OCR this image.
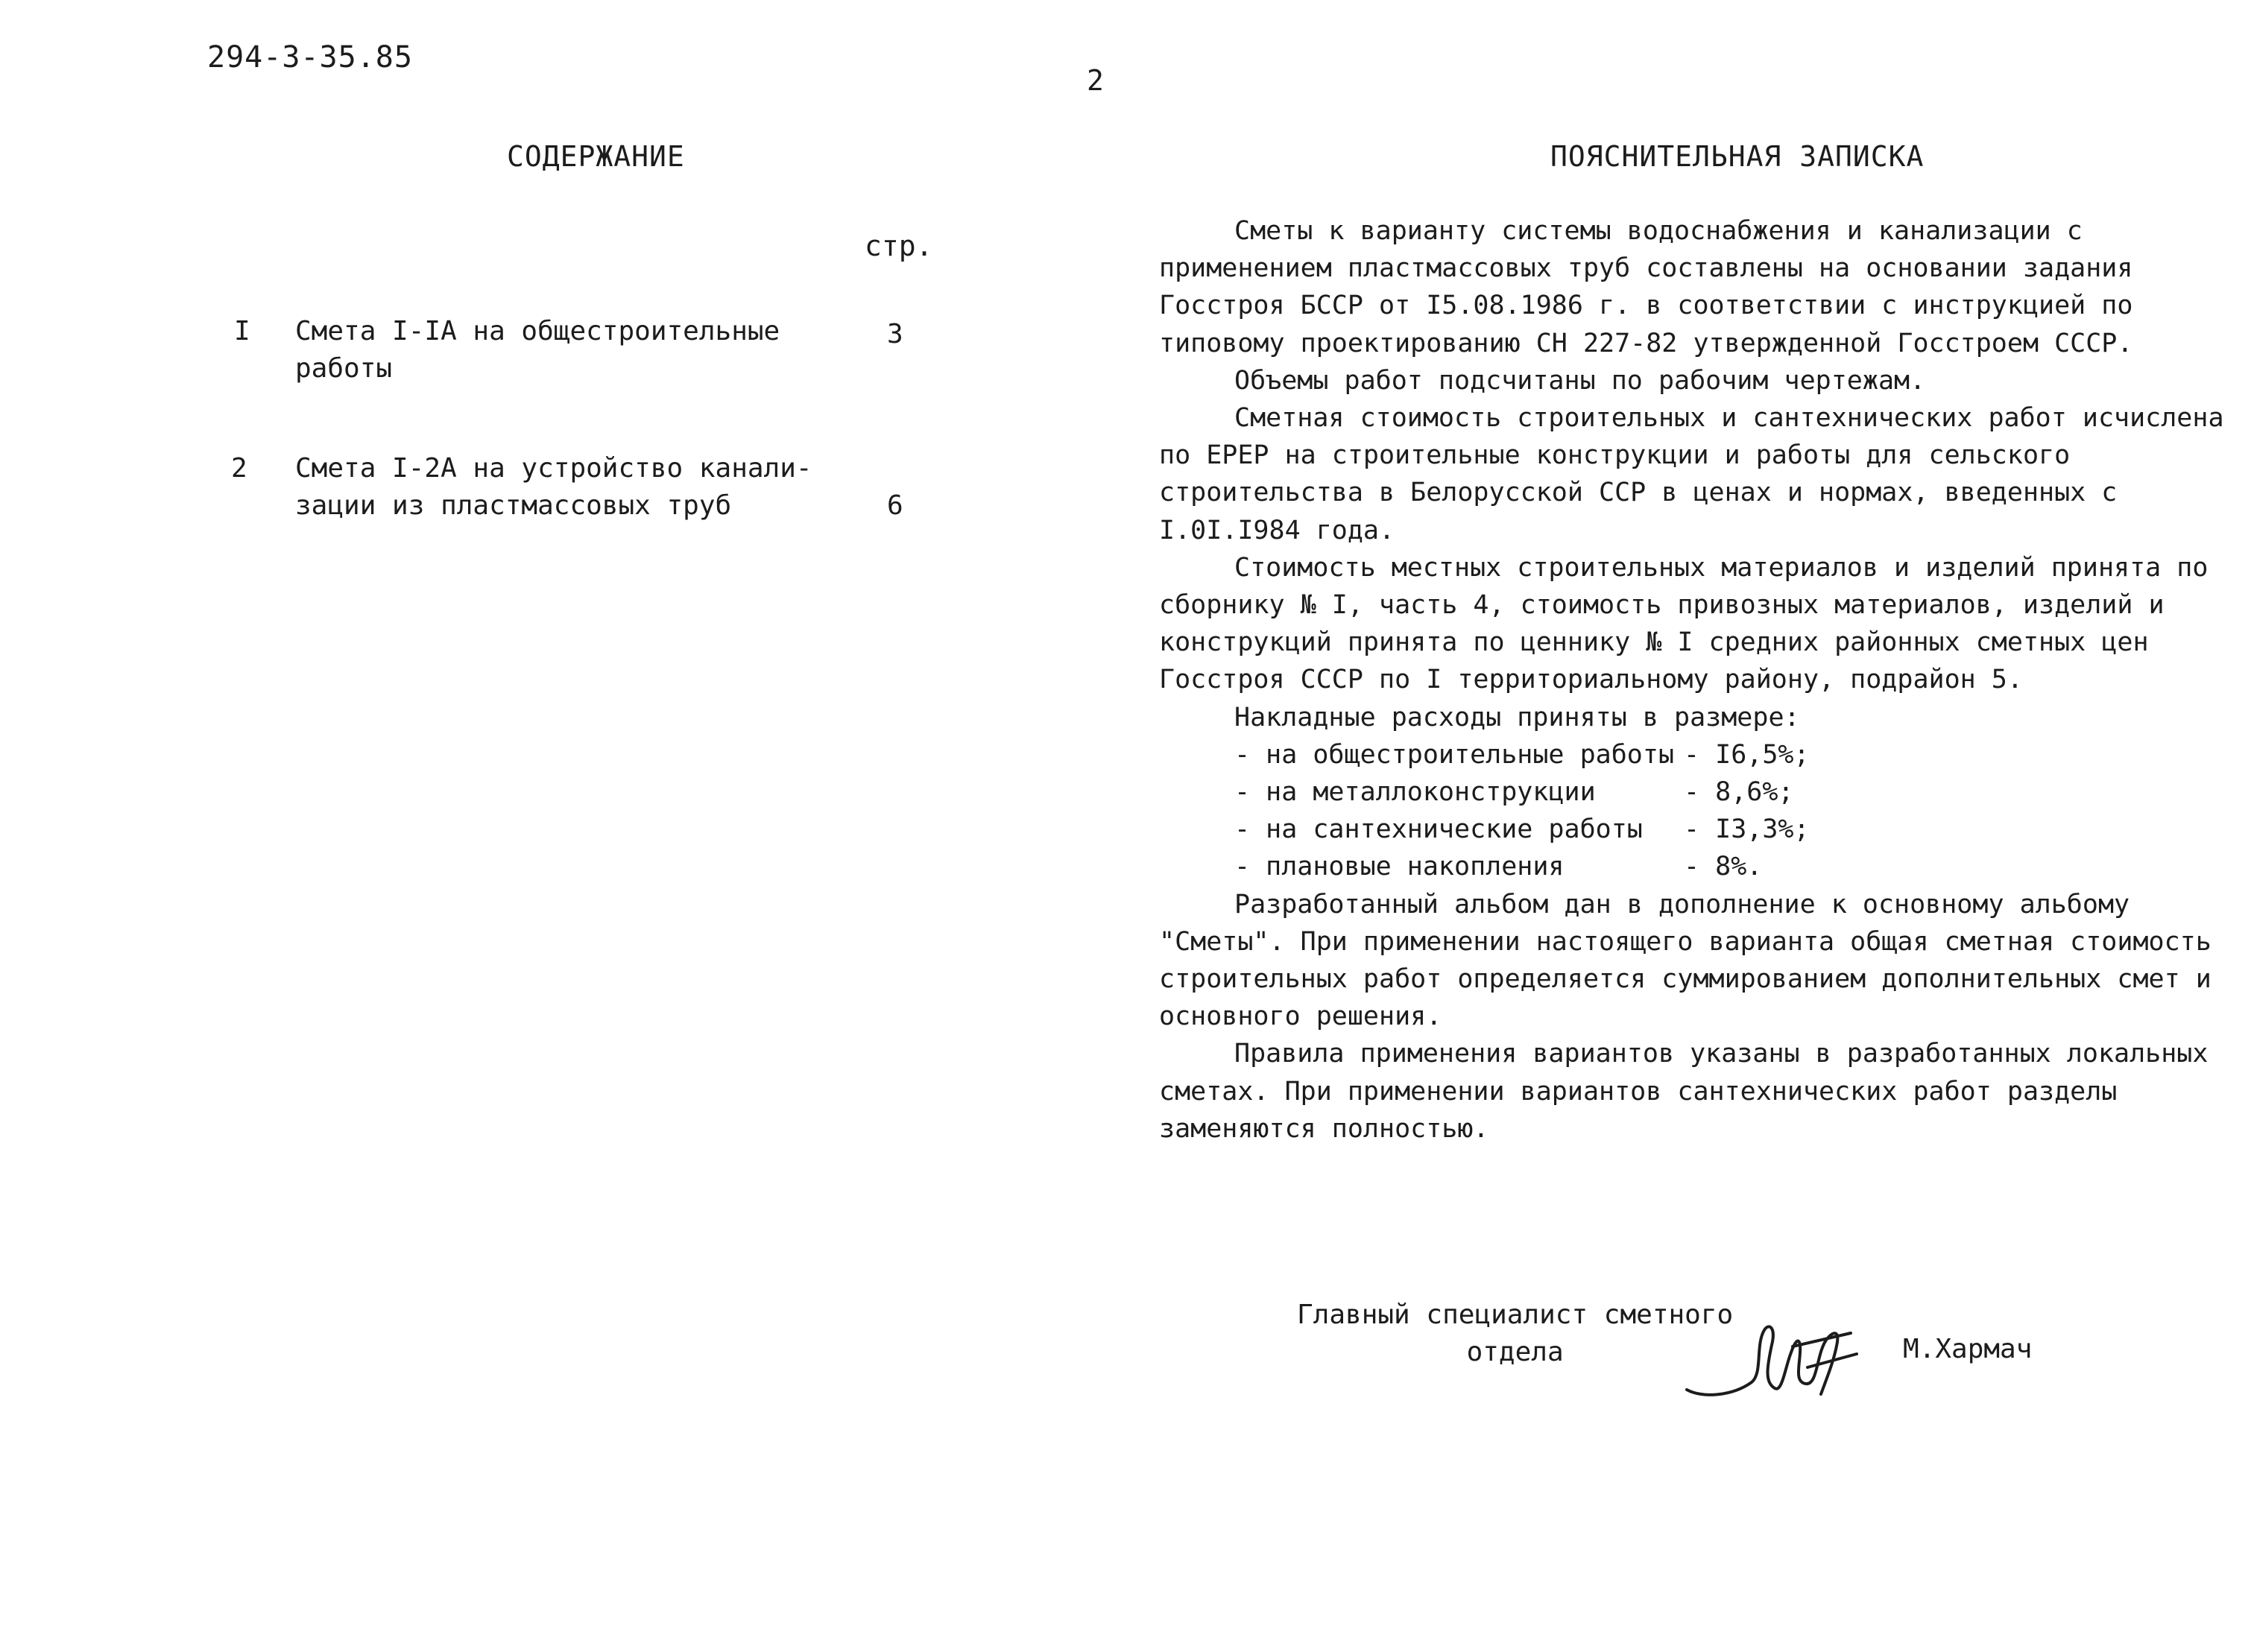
294-3-35.85
2
СОДЕРЖАНИЕ
стр.
I Смета I-IA на общестроительные
работы
3
2 Смета I-2A на устройство канали-
зации из пластмассовых труб	6
ПОЯСНИТЕЛЬНАЯ ЗАПИСКА

Сметы к варианту системы водоснабжения и канализации с применением пластмассовых труб составлены на основании задания Госстроя БССР от I5.08.1986 г. в соответствии с инструкцией по типовому проектированию СН 227-82 утвержденной Госстроем СССР.

Объемы работ подсчитаны по рабочим чертежам.

Сметная стоимость строительных и сантехнических работ исчислена по ЕРЕР на строительные конструкции и работы для сельского строительства в Белорусской ССР в ценах и нормах, введенных с I.0I.I984 года.

Стоимость местных строительных материалов и изделий принята по сборнику № I, часть 4, стоимость привозных материалов, изделий и конструкций принята по ценнику № I средних районных сметных цен Госстроя СССР по I территориальному району, подрайон 5.

Накладные расходы приняты в размере:

- на общестроительные работы - I6,5%;
- на металлоконструкции	- 8,6%;
- на сантехнические работы - I3,3%;
- плановые накопления	- 8%.

Разработанный альбом дан в дополнение к основному альбому "Сметы". При применении настоящего варианта общая сметная стоимость строительных работ определяется суммированием дополнительных смет и основного решения.

Правила применения вариантов указаны в разработанных локальных сметах. При применении вариантов сантехнических работ разделы заменяются полностью.

Главный специалист сметного
отдела	М.Хармач
